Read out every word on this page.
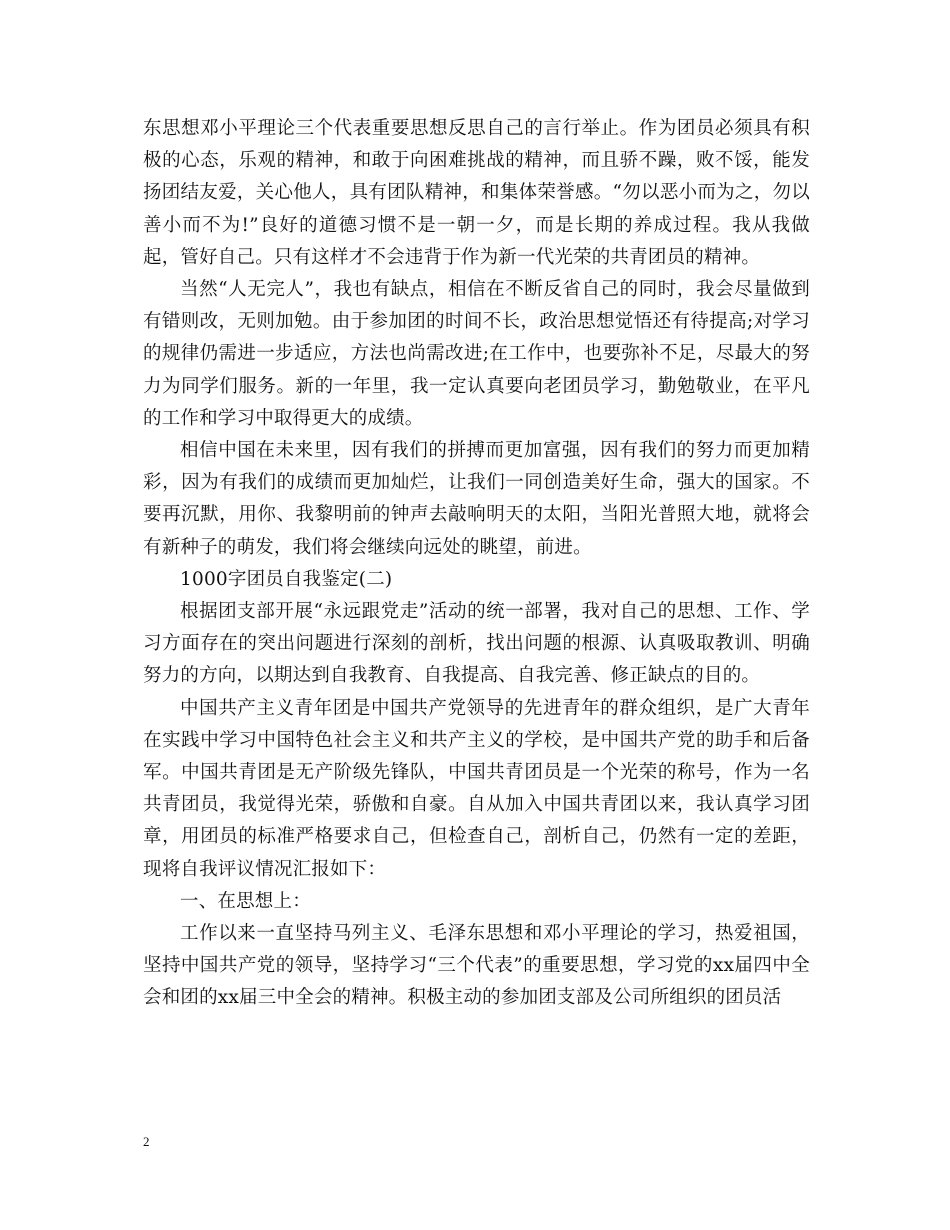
东思想邓小平理论三个代表重要思想反思自己的言行举止。作为团员必须具有积极的心态，乐观的精神，和敢于向困难挑战的精神，而且骄不躁，败不馁，能发扬团结友爱，关心他人，具有团队精神，和集体荣誉感。“勿以恶小而为之，勿以善小而不为!”良好的道德习惯不是一朝一夕，而是长期的养成过程。我从我做起，管好自己。只有这样才不会违背于作为新一代光荣的共青团员的精神。

当然“人无完人”，我也有缺点，相信在不断反省自己的同时，我会尽量做到有错则改，无则加勉。由于参加团的时间不长，政治思想觉悟还有待提高;对学习的规律仍需进一步适应，方法也尚需改进;在工作中，也要弥补不足，尽最大的努力为同学们服务。新的一年里，我一定认真要向老团员学习，勤勉敬业，在平凡的工作和学习中取得更大的成绩。

相信中国在未来里，因有我们的拼搏而更加富强，因有我们的努力而更加精彩，因为有我们的成绩而更加灿烂，让我们一同创造美好生命，强大的国家。不要再沉默，用你、我黎明前的钟声去敲响明天的太阳，当阳光普照大地，就将会有新种子的萌发，我们将会继续向远处的眺望，前进。

1000字团员自我鉴定(二)

根据团支部开展“永远跟党走”活动的统一部署，我对自己的思想、工作、学习方面存在的突出问题进行深刻的剖析，找出问题的根源、认真吸取教训、明确努力的方向，以期达到自我教育、自我提高、自我完善、修正缺点的目的。

中国共产主义青年团是中国共产党领导的先进青年的群众组织，是广大青年在实践中学习中国特色社会主义和共产主义的学校，是中国共产党的助手和后备军。中国共青团是无产阶级先锋队，中国共青团员是一个光荣的称号，作为一名共青团员，我觉得光荣，骄傲和自豪。自从加入中国共青团以来，我认真学习团章，用团员的标准严格要求自己，但检查自己，剖析自己，仍然有一定的差距，现将自我评议情况汇报如下：

一、在思想上：

工作以来一直坚持马列主义、毛泽东思想和邓小平理论的学习，热爱祖国，坚持中国共产党的领导，坚持学习“三个代表”的重要思想，学习党的xx届四中全会和团的xx届三中全会的精神。积极主动的参加团支部及公司所组织的团员活

2
